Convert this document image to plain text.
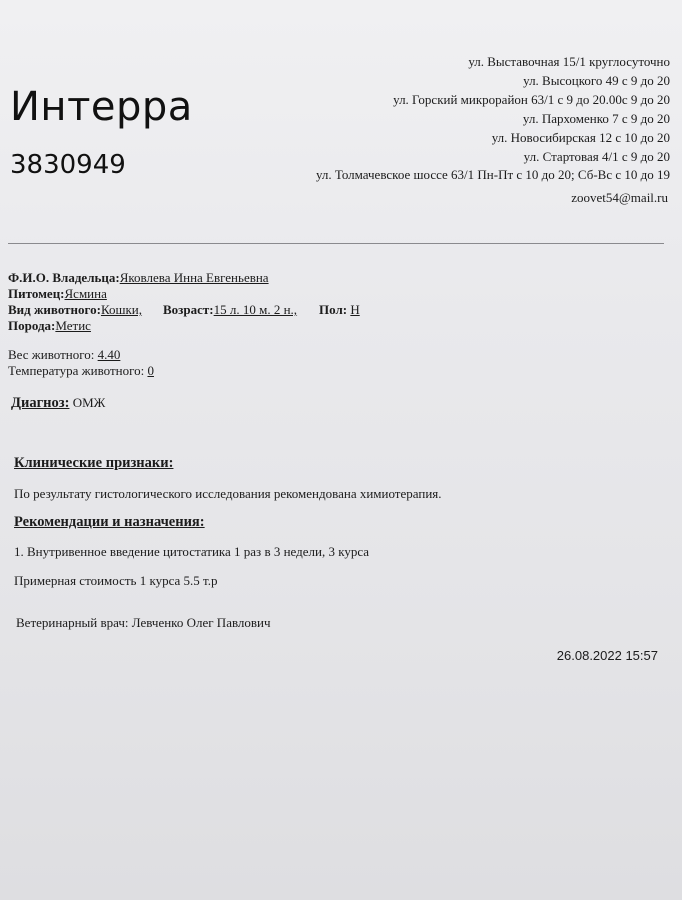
Интерра
3830949
ул. Выставочная 15/1 круглосуточно
ул. Высоцкого 49 с 9 до 20
ул. Горский микрорайон 63/1 с 9 до 20.00с 9 до 20
ул. Пархоменко 7 с 9 до 20
ул. Новосибирская 12 с 10 до 20
ул. Стартовая 4/1 с 9 до 20
ул. Толмачевское шоссе 63/1 Пн-Пт с 10 до 20; Сб-Вс с 10 до 19
zoovet54@mail.ru
Ф.И.О. Владельца:Яковлева Инна Евгеньевна
Питомец:Ясмина
Вид животного:Кошки, Возраст:15 л. 10 м. 2 н., Пол: Н
Порода:Метис
Вес животного: 4.40
Температура животного: 0
Диагноз: ОМЖ
Клинические признаки:
По результату гистологического исследования рекомендована химиотерапия.
Рекомендации и назначения:
1. Внутривенное введение цитостатика 1 раз в 3 недели, 3 курса
Примерная стоимость 1 курса 5.5 т.р
Ветеринарный врач: Левченко Олег Павлович
26.08.2022 15:57
